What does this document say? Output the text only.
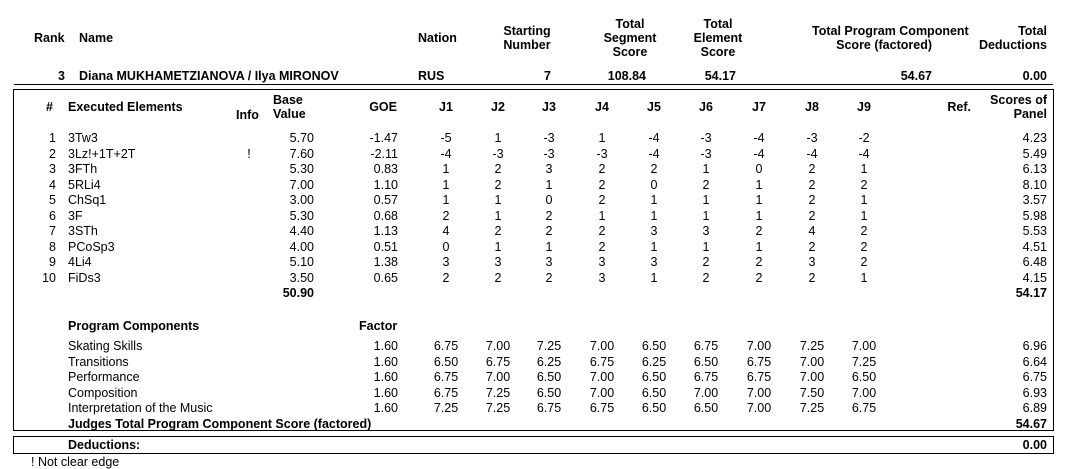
Rank Name	Nation	Starting
Number
Total
Segment
Score
Total
Element
Score
Total Program Component
Score (factored)
Total
Deductions
3 Diana MUKHAMETZIANOVA / Ilya MIRONOV	RUS	7	108.84	54.17	54.67	0.00
# Executed Elements
Info
Base
Value	GOE	J1	J2	J3	J4	J5	J6	J7	J8	J9	Ref.	Scores of
Panel
1 3Tw3	5.70	-1.47	-5	1	-3	1	-4	-3	-4	-3	-2	4.23
2 3Lz!+1T+2T	!	7.60	-2.11	-4	-3	-3	-3	-4	-3	-4	-4	-4	5.49
3 3FTh	5.30	0.83	1	2	3	2	2	1	0	2	1	6.13
4 5RLi4	7.00	1.10	1	2	1	2	0	2	1	2	2	8.10
5 ChSq1	3.00	0.57	1	1	0	2	1	1	1	2	1	3.57
6 3F	5.30	0.68	2	1	2	1	1	1	1	2	1	5.98
7 3STh	4.40	1.13	4	2	2	2	3	3	2	4	2	5.53
8 PCoSp3	4.00	0.51	0	1	1	2	1	1	1	2	2	4.51
9 4Li4	5.10	1.38	3	3	3	3	3	2	2	3	2	6.48
10 FiDs3	3.50	0.65	2	2	2	3	1	2	2	2	1	4.15
50.90	54.17
Program Components	Factor
Skating Skills	1.60	6.75	7.00	7.25	7.00	6.50	6.75	7.00	7.25	7.00	6.96
Transitions	1.60	6.50	6.75	6.25	6.75	6.25	6.50	6.75	7.00	7.25	6.64
Performance	1.60	6.75	7.00	6.50	7.00	6.50	6.75	6.75	7.00	6.50	6.75
Composition	1.60	6.75	7.25	6.50	7.00	6.50	7.00	7.00	7.50	7.00	6.93
Interpretation of the Music	1.60	7.25	7.25	6.75	6.75	6.50	6.50	7.00	7.25	6.75	6.89
Judges Total Program Component Score (factored)	54.67
Deductions:	0.00
! Not clear edge
